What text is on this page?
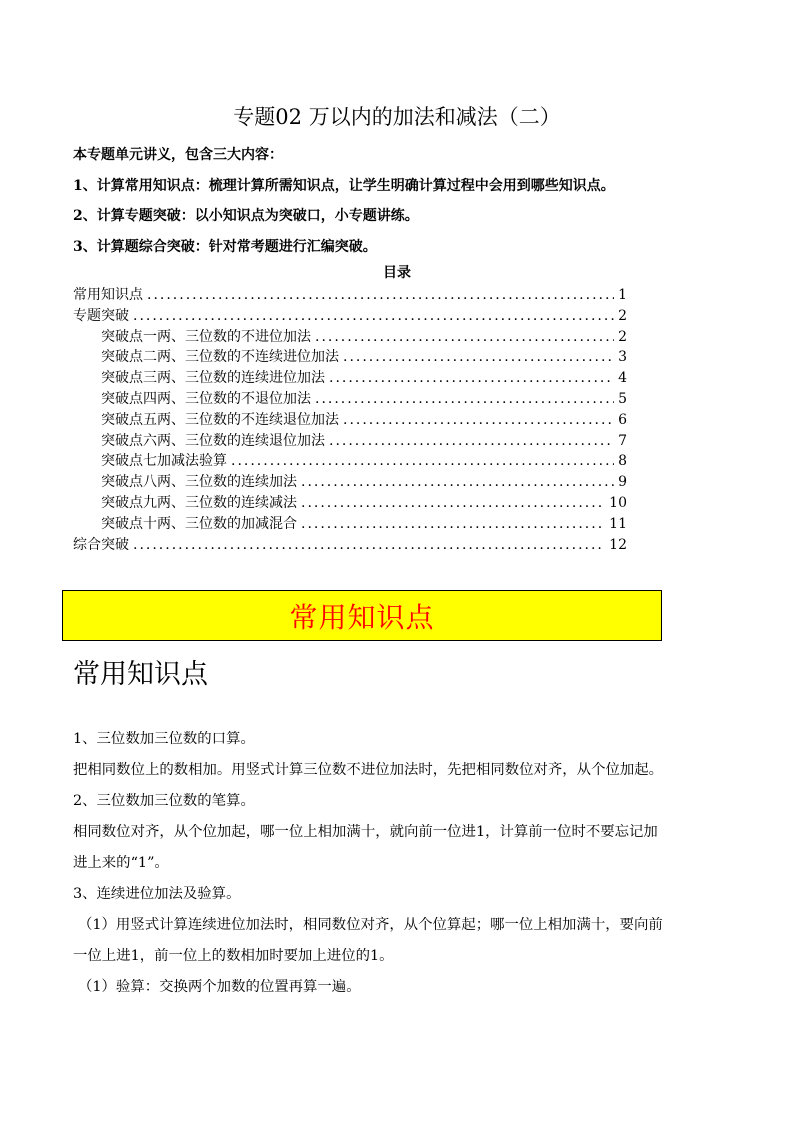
专题02 万以内的加法和减法（二）
本专题单元讲义，包含三大内容：
1、计算常用知识点：梳理计算所需知识点，让学生明确计算过程中会用到哪些知识点。
2、计算专题突破：以小知识点为突破口，小专题讲练。
3、计算题综合突破：针对常考题进行汇编突破。
目录
常用知识点 .....	1
专题突破 .....	2
突破点一两、三位数的不进位加法 .....	2
突破点二两、三位数的不连续进位加法 .....	3
突破点三两、三位数的连续进位加法 .....	4
突破点四两、三位数的不退位加法 .....	5
突破点五两、三位数的不连续退位加法 .....	6
突破点六两、三位数的连续退位加法 .....	7
突破点七加减法验算 .....	8
突破点八两、三位数的连续加法 .....	9
突破点九两、三位数的连续减法 .....	10
突破点十两、三位数的加减混合 .....	11
综合突破 .....	12
常用知识点
常用知识点
1、三位数加三位数的口算。
把相同数位上的数相加。用竖式计算三位数不进位加法时，先把相同数位对齐，从个位加起。
2、三位数加三位数的笔算。
相同数位对齐，从个位加起，哪一位上相加满十，就向前一位进1，计算前一位时不要忘记加
进上来的“1”。
3、连续进位加法及验算。
（1）用竖式计算连续进位加法时，相同数位对齐，从个位算起；哪一位上相加满十，要向前
一位上进1，前一位上的数相加时要加上进位的1。
（1）验算：交换两个加数的位置再算一遍。
